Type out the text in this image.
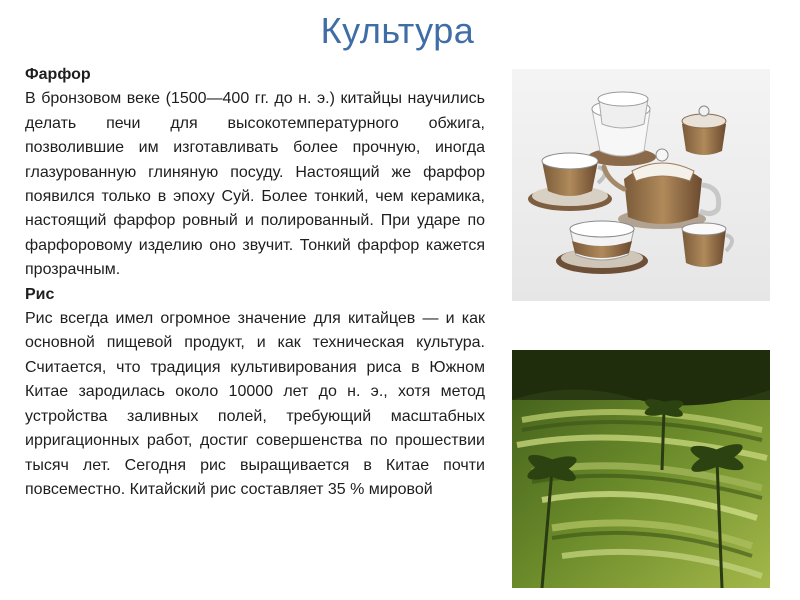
Культура
Фарфор
В бронзовом веке (1500—400 гг. до н. э.) китайцы научились делать печи для высокотемпературного обжига, позволившие им изготавливать более прочную, иногда глазурованную глиняную посуду. Настоящий же фарфор появился только в эпоху Суй. Более тонкий, чем керамика, настоящий фарфор ровный и полированный. При ударе по фарфоровому изделию оно звучит. Тонкий фарфор кажется прозрачным.
Рис
Рис всегда имел огромное значение для китайцев — и как основной пищевой продукт, и как техническая культура. Считается, что традиция культивирования риса в Южном Китае зародилась около 10000 лет до н. э., хотя метод устройства заливных полей, требующий масштабных ирригационных работ, достиг совершенства по прошествии тысяч лет. Сегодня рис выращивается в Китае почти повсеместно. Китайский рис составляет 35 % мировой
